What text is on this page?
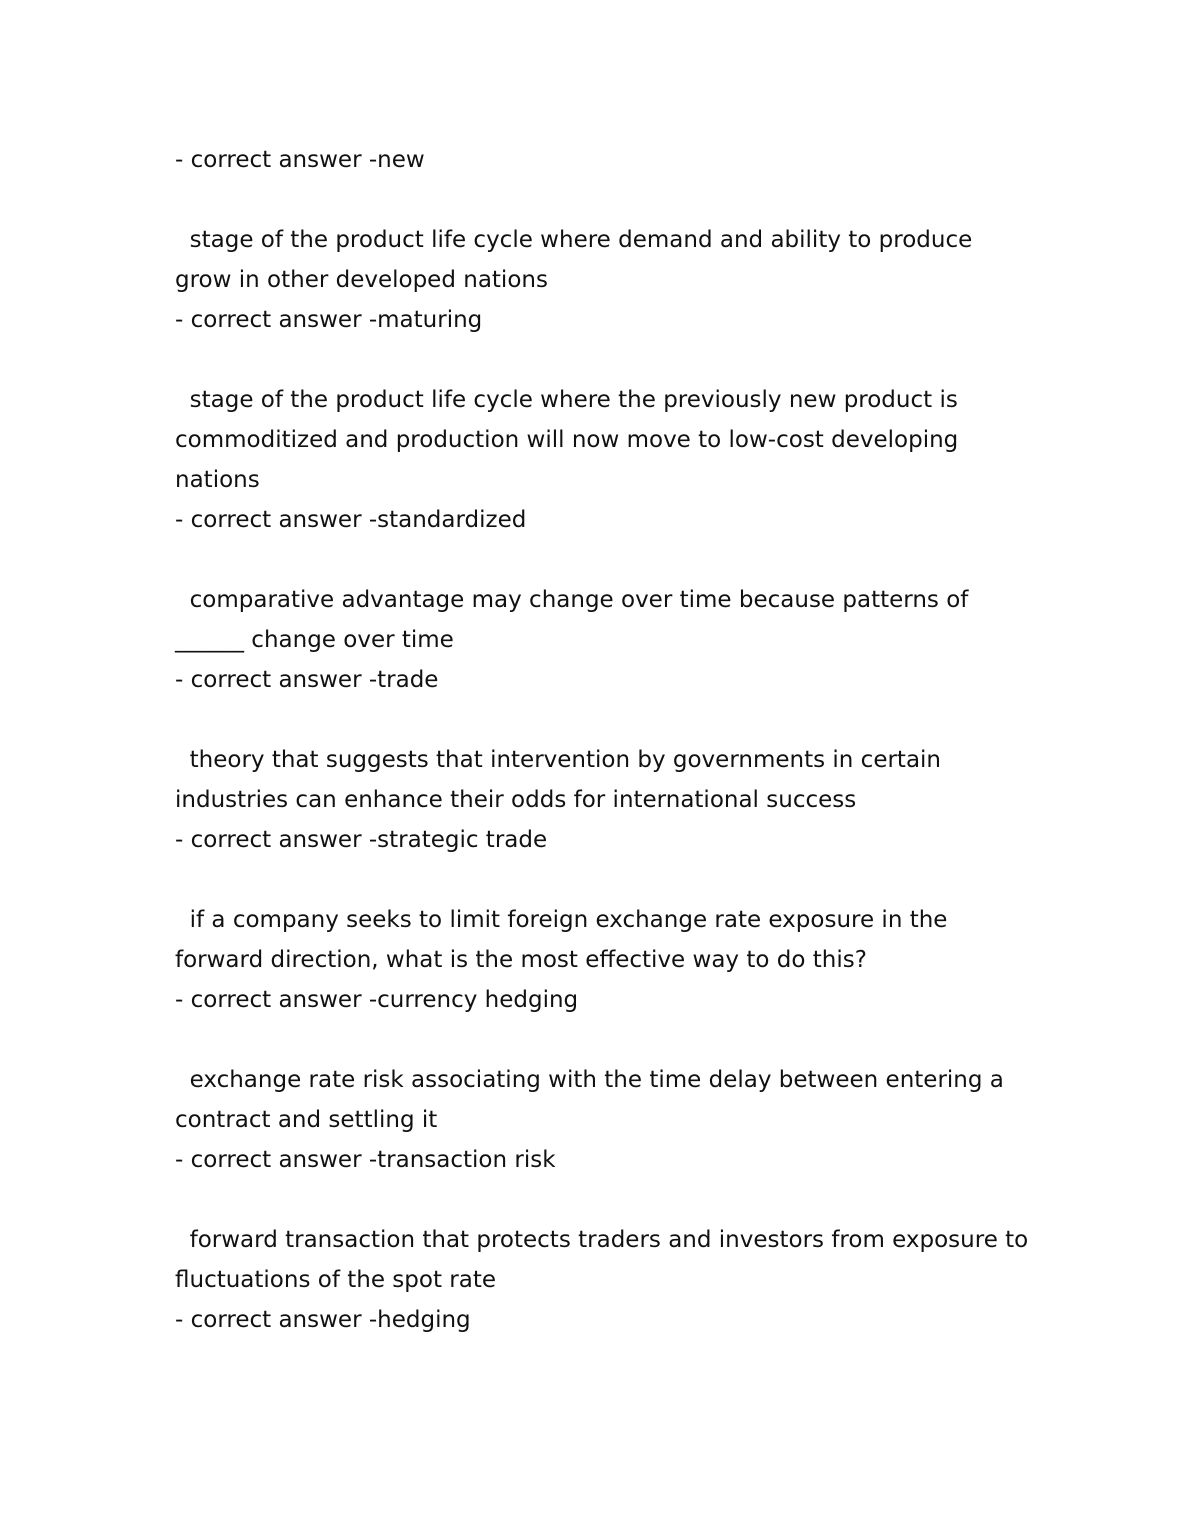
- correct answer -new
stage of the product life cycle where demand and ability to produce grow in other developed nations
- correct answer -maturing
stage of the product life cycle where the previously new product is commoditized and production will now move to low-cost developing nations
- correct answer -standardized
comparative advantage may change over time because patterns of ______ change over time
- correct answer -trade
theory that suggests that intervention by governments in certain industries can enhance their odds for international success
- correct answer -strategic trade
if a company seeks to limit foreign exchange rate exposure in the forward direction, what is the most effective way to do this?
- correct answer -currency hedging
exchange rate risk associating with the time delay between entering a contract and settling it
- correct answer -transaction risk
forward transaction that protects traders and investors from exposure to fluctuations of the spot rate
- correct answer -hedging
